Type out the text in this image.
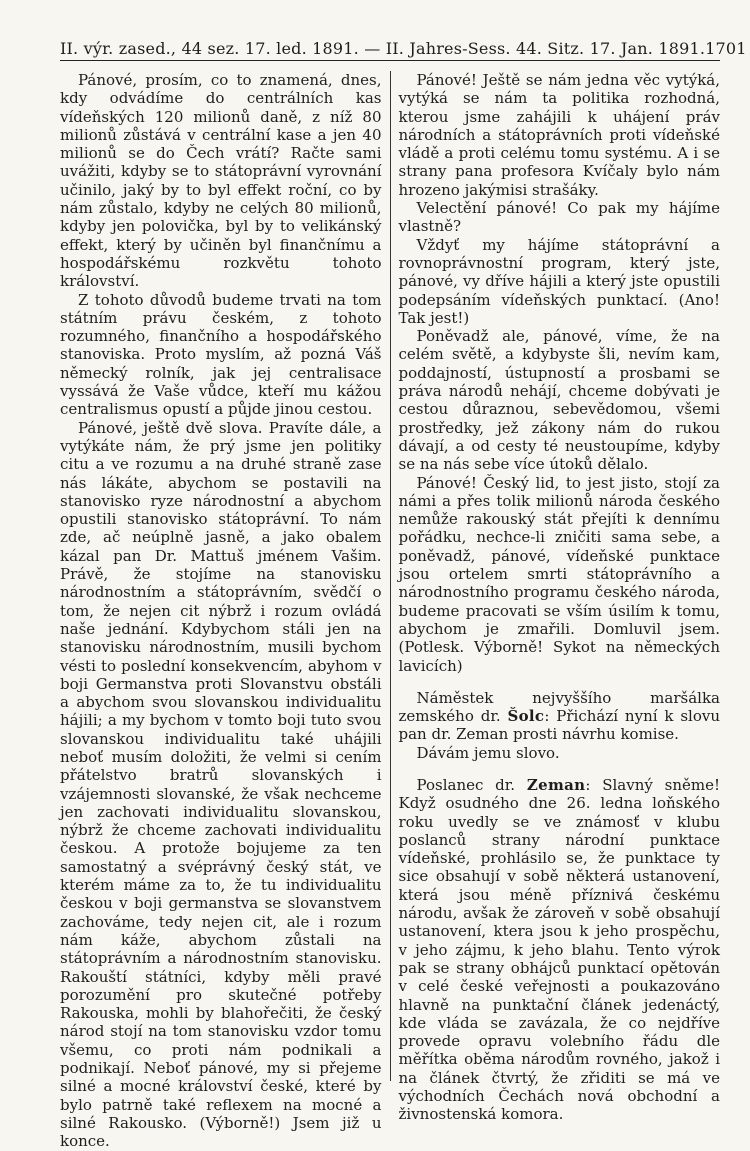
II. výr. zased., 44 sez. 17. led. 1891. — II. Jahres-Sess. 44. Sitz. 17. Jan. 1891. 1701

Pánové, prosím, co to znamená, dnes, kdy odvádíme do centrálních kas vídeňských 120 milionů daně, z níž 80 milionů zůstává v centrální kase a jen 40 milionů se do Čech vrátí? Račte sami uvážiti, kdyby se to státoprávní vyrovnání učinilo, jaký by to byl effekt roční, co by nám zůstalo, kdyby ne celých 80 milionů, kdyby jen polovička, byl by to velikánský effekt, který by učiněn byl finančnímu a hospodářskému rozkvětu tohoto království.

Z tohoto důvodů budeme trvati na tom státním právu českém, z tohoto rozumného, finančního a hospodářského stanoviska. Proto myslím, až pozná Váš německý rolník, jak jej centralisace vyssává že Vaše vůdce, kteří mu kážou centralismus opustí a půjde jinou cestou.

Pánové, ještě dvě slova. Pravíte dále, a vytýkáte nám, že prý jsme jen politiky citu a ve rozumu a na druhé straně zase nás lákáte, abychom se postavili na stanovisko ryze národnostní a abychom opustili stanovisko státoprávní. To nám zde, ač neúplně jasně, a jako obalem kázal pan Dr. Mattuš jménem Vašim. Právě, že stojíme na stanovisku národnostním a státoprávním, svědčí o tom, že nejen cit nýbrž i rozum ovládá naše jednání. Kdybychom stáli jen na stanovisku národnostním, musili bychom vésti to poslední konsekvencím, abyhom v boji Germanstva proti Slovanstvu obstáli a abychom svou slovanskou individualitu hájili; a my bychom v tomto boji tuto svou slovanskou individualitu také uhájili neboť musím doložiti, že velmi si cením přátelstvo bratrů slovanských i vzájemnosti slovanské, že však nechceme jen zachovati individualitu slovanskou, nýbrž že chceme zachovati individualitu českou. A protože bojujeme za ten samostatný a svéprávný český stát, ve kterém máme za to, že tu individualitu českou v boji germanstva se slovanstvem zachováme, tedy nejen cit, ale i rozum nám káže, abychom zůstali na státoprávním a národnostním stanovisku. Rakouští státníci, kdyby měli pravé porozumění pro skutečné potřeby Rakouska, mohli by blahořečiti, že český národ stojí na tom stanovisku vzdor tomu všemu, co proti nám podnikali a podnikají. Neboť pánové, my si přejeme silné a mocné království české, které by bylo patrně také reflexem na mocné a silné Rakousko. (Výborně!) Jsem již u konce.

Pánové! Ještě se nám jedna věc vytýká, vytýká se nám ta politika rozhodná, kterou jsme zahájili k uhájení práv národních a státoprávních proti vídeňské vládě a proti celému tomu systému. A i se strany pana profesora Kvíčaly bylo nám hrozeno jakýmisi strašáky.

Velectění pánové! Co pak my hájíme vlastně?

Vždyť my hájíme státoprávní a rovnoprávnostní program, který jste, pánové, vy dříve hájili a který jste opustili podepsáním vídeňských punktací. (Ano! Tak jest!)

Poněvadž ale, pánové, víme, že na celém světě, a kdybyste šli, nevím kam, poddajností, ústupností a prosbami se práva národů nehájí, chceme dobývati je cestou důraznou, sebevědomou, všemi prostředky, jež zákony nám do rukou dávají, a od cesty té neustoupíme, kdyby se na nás sebe více útoků dělalo.

Pánové! Český lid, to jest jisto, stojí za námi a přes tolik milionů národa českého nemůže rakouský stát přejíti k dennímu pořádku, nechce-li zničiti sama sebe, a poněvadž, pánové, vídeňské punktace jsou ortelem smrti státoprávního a národnostního programu českého národa, budeme pracovati se vším úsilím k tomu, abychom je zmařili. Domluvil jsem. (Potlesk. Výborně! Sykot na německých lavicích)

Náměstek nejvyššího maršálka zemského dr. Šolc: Přichází nyní k slovu pan dr. Zeman prosti návrhu komise.

Dávám jemu slovo.

Poslanec dr. Zeman: Slavný sněme! Když osudného dne 26. ledna loňského roku uvedly se ve známosť v klubu poslanců strany národní punktace vídeňské, prohlásilo se, že punktace ty sice obsahují v sobě některá ustanovení, která jsou méně příznivá českému národu, avšak že zároveň v sobě obsahují ustanovení, ktera jsou k jeho prospěchu, v jeho zájmu, k jeho blahu. Tento výrok pak se strany obhájců punktací opětován v celé české veřejnosti a poukazováno hlavně na punktační článek jedenáctý, kde vláda se zavázala, že co nejdříve provede opravu volebního řádu dle měřítka oběma národům rovného, jakož i na článek čtvrtý, že zřiditi se má ve východních Čechách nová obchodní a živnostenská komora.
